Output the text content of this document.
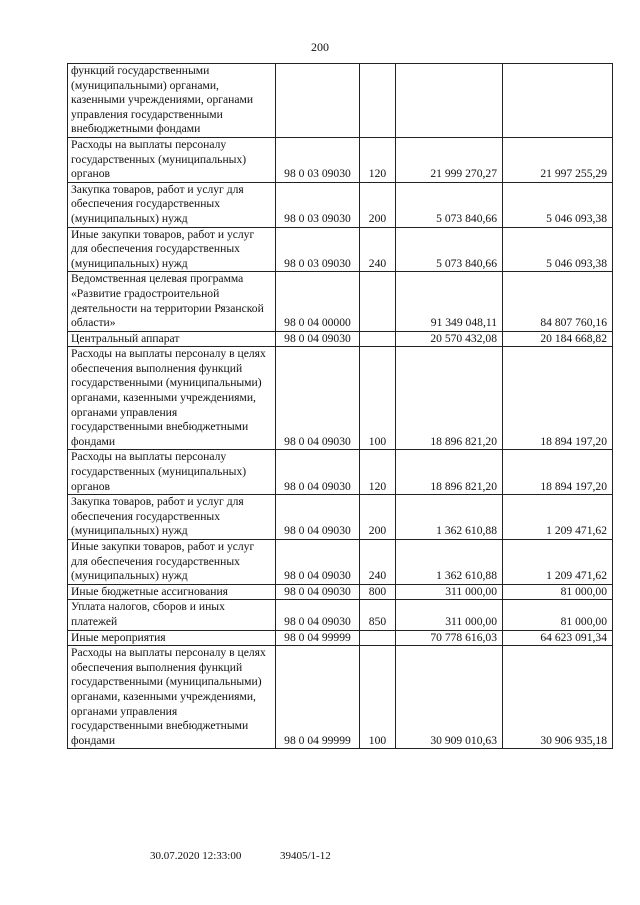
200
функций государственными (муниципальными) органами, казенными учреждениями, органами управления государственными внебюджетными фондами				
Расходы на выплаты персоналу государственных (муниципальных) органов	98 0 03 09030	120	21 999 270,27	21 997 255,29
Закупка товаров, работ и услуг для обеспечения государственных (муниципальных) нужд	98 0 03 09030	200	5 073 840,66	5 046 093,38
Иные закупки товаров, работ и услуг для обеспечения государственных (муниципальных) нужд	98 0 03 09030	240	5 073 840,66	5 046 093,38
Ведомственная целевая программа «Развитие градостроительной деятельности на территории Рязанской области»	98 0 04 00000		91 349 048,11	84 807 760,16
Центральный аппарат	98 0 04 09030		20 570 432,08	20 184 668,82
Расходы на выплаты персоналу в целях обеспечения выполнения функций государственными (муниципальными) органами, казенными учреждениями, органами управления государственными внебюджетными фондами	98 0 04 09030	100	18 896 821,20	18 894 197,20
Расходы на выплаты персоналу государственных (муниципальных) органов	98 0 04 09030	120	18 896 821,20	18 894 197,20
Закупка товаров, работ и услуг для обеспечения государственных (муниципальных) нужд	98 0 04 09030	200	1 362 610,88	1 209 471,62
Иные закупки товаров, работ и услуг для обеспечения государственных (муниципальных) нужд	98 0 04 09030	240	1 362 610,88	1 209 471,62
Иные бюджетные ассигнования	98 0 04 09030	800	311 000,00	81 000,00
Уплата налогов, сборов и иных платежей	98 0 04 09030	850	311 000,00	81 000,00
Иные мероприятия	98 0 04 99999		70 778 616,03	64 623 091,34
Расходы на выплаты персоналу в целях обеспечения выполнения функций государственными (муниципальными) органами, казенными учреждениями, органами управления государственными внебюджетными фондами	98 0 04 99999	100	30 909 010,63	30 906 935,18
30.07.2020 12:33:00	39405/1-12
